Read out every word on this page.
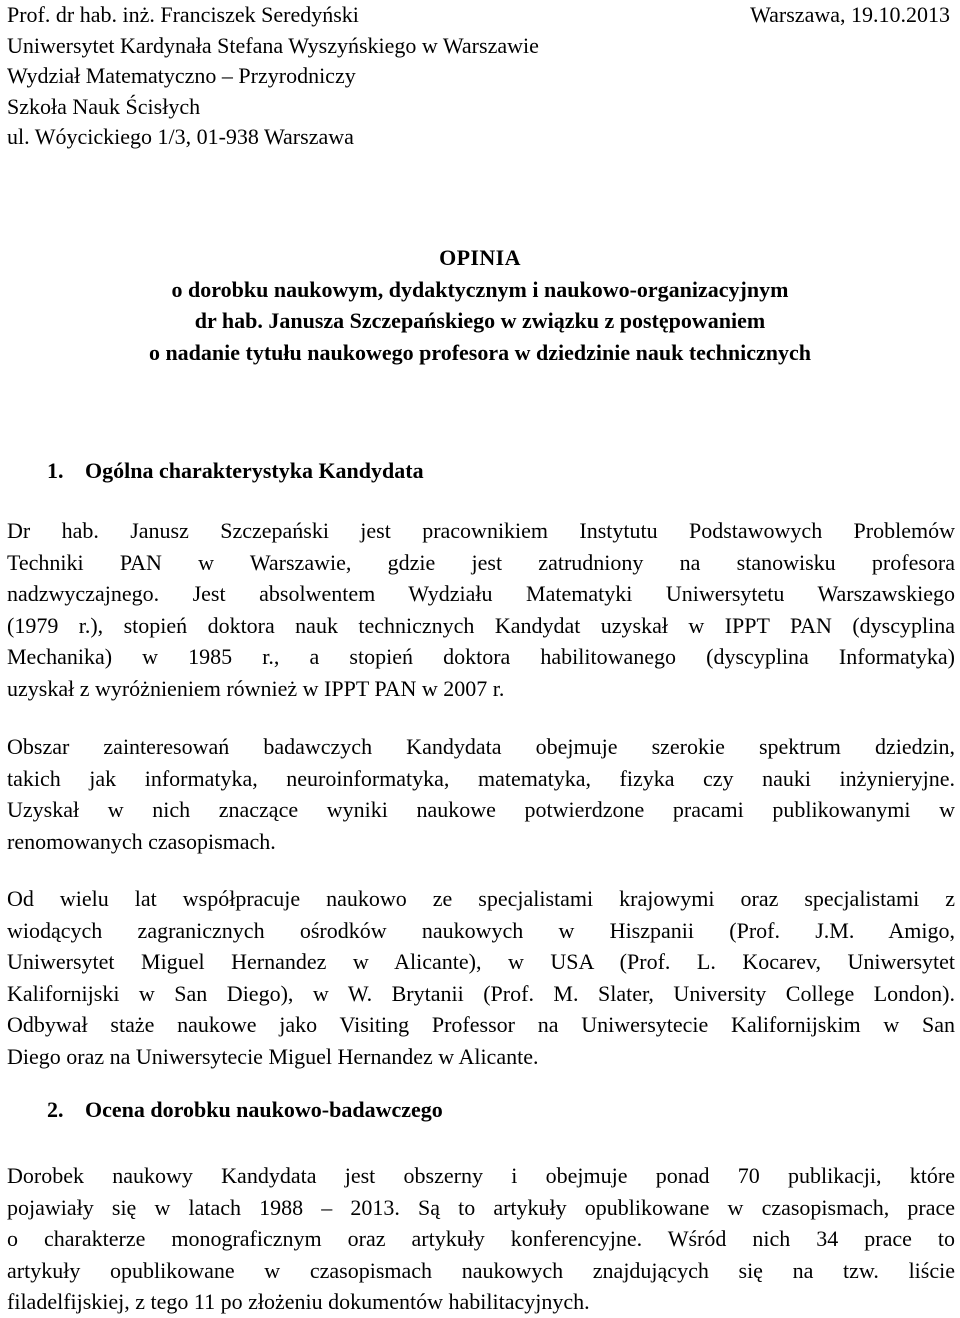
Prof. dr hab. inż. Franciszek Seredyński	Warszawa, 19.10.2013
Uniwersytet Kardynała Stefana Wyszyńskiego w Warszawie
Wydział Matematyczno – Przyrodniczy
Szkoła Nauk Ścisłych
ul. Wóycickiego 1/3, 01-938 Warszawa
OPINIA
o dorobku naukowym, dydaktycznym i naukowo-organizacyjnym
dr hab. Janusza Szczepańskiego w związku z postępowaniem
o nadanie tytułu naukowego profesora w dziedzinie nauk technicznych
1. Ogólna charakterystyka Kandydata
Dr hab. Janusz Szczepański jest pracownikiem Instytutu Podstawowych Problemów
Techniki PAN w Warszawie, gdzie jest zatrudniony na stanowisku profesora
nadzwyczajnego. Jest absolwentem Wydziału Matematyki Uniwersytetu Warszawskiego
(1979 r.), stopień doktora nauk technicznych Kandydat uzyskał w IPPT PAN (dyscyplina
Mechanika) w 1985 r., a stopień doktora habilitowanego (dyscyplina Informatyka)
uzyskał z wyróżnieniem również w IPPT PAN w 2007 r.
Obszar zainteresowań badawczych Kandydata obejmuje szerokie spektrum dziedzin,
takich jak informatyka, neuroinformatyka, matematyka, fizyka czy nauki inżynieryjne.
Uzyskał w nich znaczące wyniki naukowe potwierdzone pracami publikowanymi w
renomowanych czasopismach.
Od wielu lat współpracuje naukowo ze specjalistami krajowymi oraz specjalistami z
wiodących zagranicznych ośrodków naukowych w Hiszpanii (Prof. J.M. Amigo,
Uniwersytet Miguel Hernandez w Alicante), w USA (Prof. L. Kocarev, Uniwersytet
Kalifornijski w San Diego), w W. Brytanii (Prof. M. Slater, University College London).
Odbywał staże naukowe jako Visiting Professor na Uniwersytecie Kalifornijskim w San
Diego oraz na Uniwersytecie Miguel Hernandez w Alicante.
2. Ocena dorobku naukowo-badawczego
Dorobek naukowy Kandydata jest obszerny i obejmuje ponad 70 publikacji, które
pojawiały się w latach 1988 – 2013. Są to artykuły opublikowane w czasopismach, prace
o charakterze monograficznym oraz artykuły konferencyjne. Wśród nich 34 prace to
artykuły opublikowane w czasopismach naukowych znajdujących się na tzw. liście
filadelfijskiej, z tego 11 po złożeniu dokumentów habilitacyjnych.
